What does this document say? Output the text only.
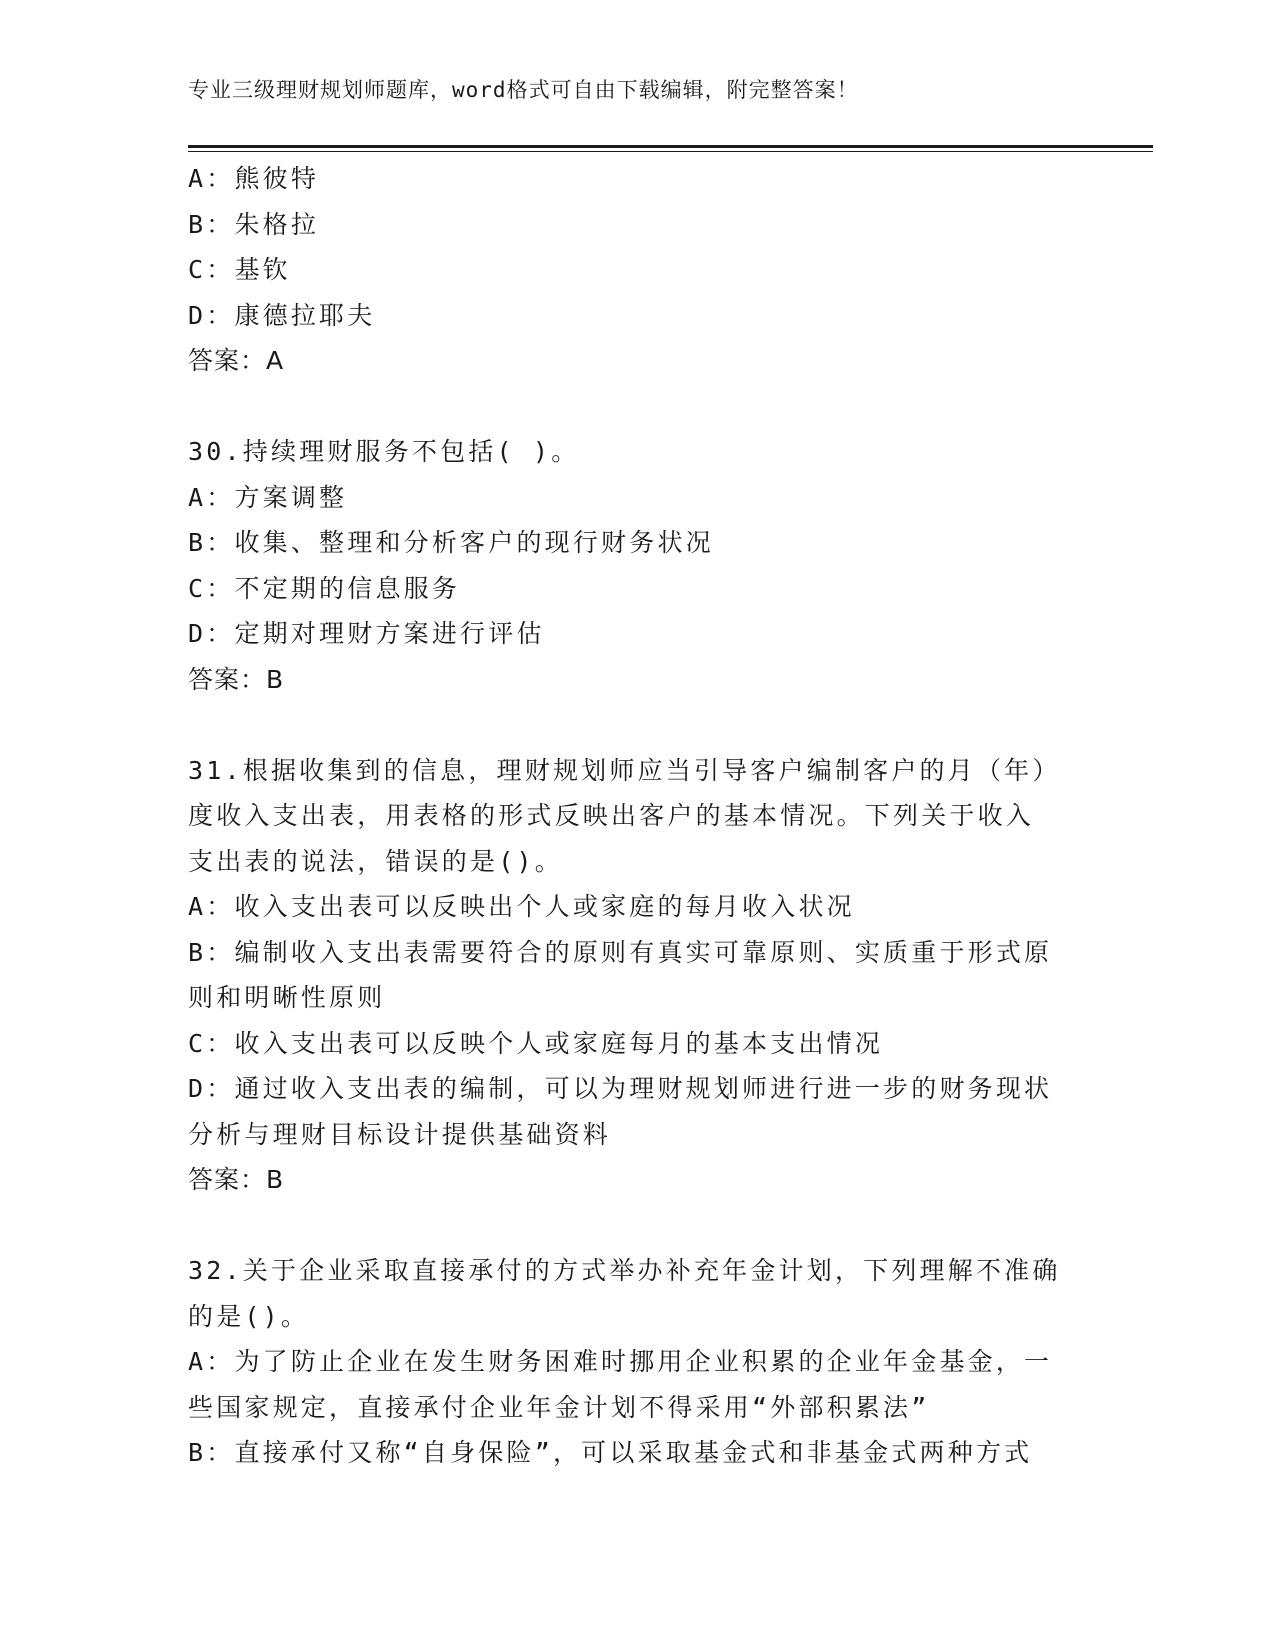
专业三级理财规划师题库，word格式可自由下载编辑，附完整答案！
A：熊彼特
B：朱格拉
C：基钦
D：康德拉耶夫
答案：A
30.持续理财服务不包括( )。
A：方案调整
B：收集、整理和分析客户的现行财务状况
C：不定期的信息服务
D：定期对理财方案进行评估
答案：B
31.根据收集到的信息，理财规划师应当引导客户编制客户的月（年）
度收入支出表，用表格的形式反映出客户的基本情况。下列关于收入
支出表的说法，错误的是()。
A：收入支出表可以反映出个人或家庭的每月收入状况
B：编制收入支出表需要符合的原则有真实可靠原则、实质重于形式原
则和明晰性原则
C：收入支出表可以反映个人或家庭每月的基本支出情况
D：通过收入支出表的编制，可以为理财规划师进行进一步的财务现状
分析与理财目标设计提供基础资料
答案：B
32.关于企业采取直接承付的方式举办补充年金计划，下列理解不准确
的是()。
A：为了防止企业在发生财务困难时挪用企业积累的企业年金基金，一
些国家规定，直接承付企业年金计划不得采用“外部积累法”
B：直接承付又称“自身保险”，可以采取基金式和非基金式两种方式
